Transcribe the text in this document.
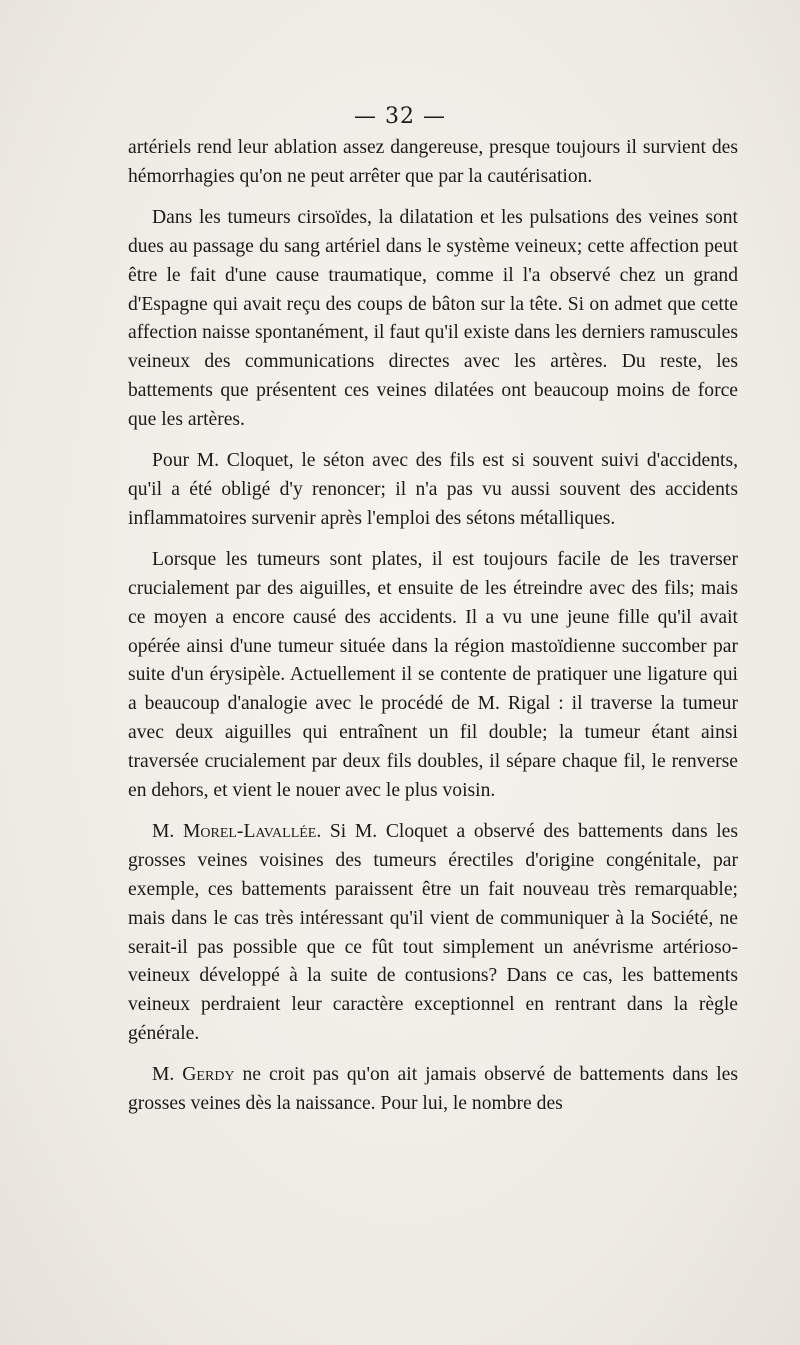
— 32 —

artériels rend leur ablation assez dangereuse, presque toujours il survient des hémorrhagies qu'on ne peut arrêter que par la cautérisation.

Dans les tumeurs cirsoïdes, la dilatation et les pulsations des veines sont dues au passage du sang artériel dans le système veineux; cette affection peut être le fait d'une cause traumatique, comme il l'a observé chez un grand d'Espagne qui avait reçu des coups de bâton sur la tête. Si on admet que cette affection naisse spontanément, il faut qu'il existe dans les derniers ramuscules veineux des communications directes avec les artères. Du reste, les battements que présentent ces veines dilatées ont beaucoup moins de force que les artères.

Pour M. Cloquet, le séton avec des fils est si souvent suivi d'accidents, qu'il a été obligé d'y renoncer; il n'a pas vu aussi souvent des accidents inflammatoires survenir après l'emploi des sétons métalliques.

Lorsque les tumeurs sont plates, il est toujours facile de les traverser crucialement par des aiguilles, et ensuite de les étreindre avec des fils; mais ce moyen a encore causé des accidents. Il a vu une jeune fille qu'il avait opérée ainsi d'une tumeur située dans la région mastoïdienne succomber par suite d'un érysipèle. Actuellement il se contente de pratiquer une ligature qui a beaucoup d'analogie avec le procédé de M. Rigal : il traverse la tumeur avec deux aiguilles qui entraînent un fil double; la tumeur étant ainsi traversée crucialement par deux fils doubles, il sépare chaque fil, le renverse en dehors, et vient le nouer avec le plus voisin.

M. Morel-Lavallée. Si M. Cloquet a observé des battements dans les grosses veines voisines des tumeurs érectiles d'origine congénitale, par exemple, ces battements paraissent être un fait nouveau très remarquable; mais dans le cas très intéressant qu'il vient de communiquer à la Société, ne serait-il pas possible que ce fût tout simplement un anévrisme artérioso-veineux développé à la suite de contusions? Dans ce cas, les battements veineux perdraient leur caractère exceptionnel en rentrant dans la règle générale.

M. Gerdy ne croit pas qu'on ait jamais observé de battements dans les grosses veines dès la naissance. Pour lui, le nombre des
